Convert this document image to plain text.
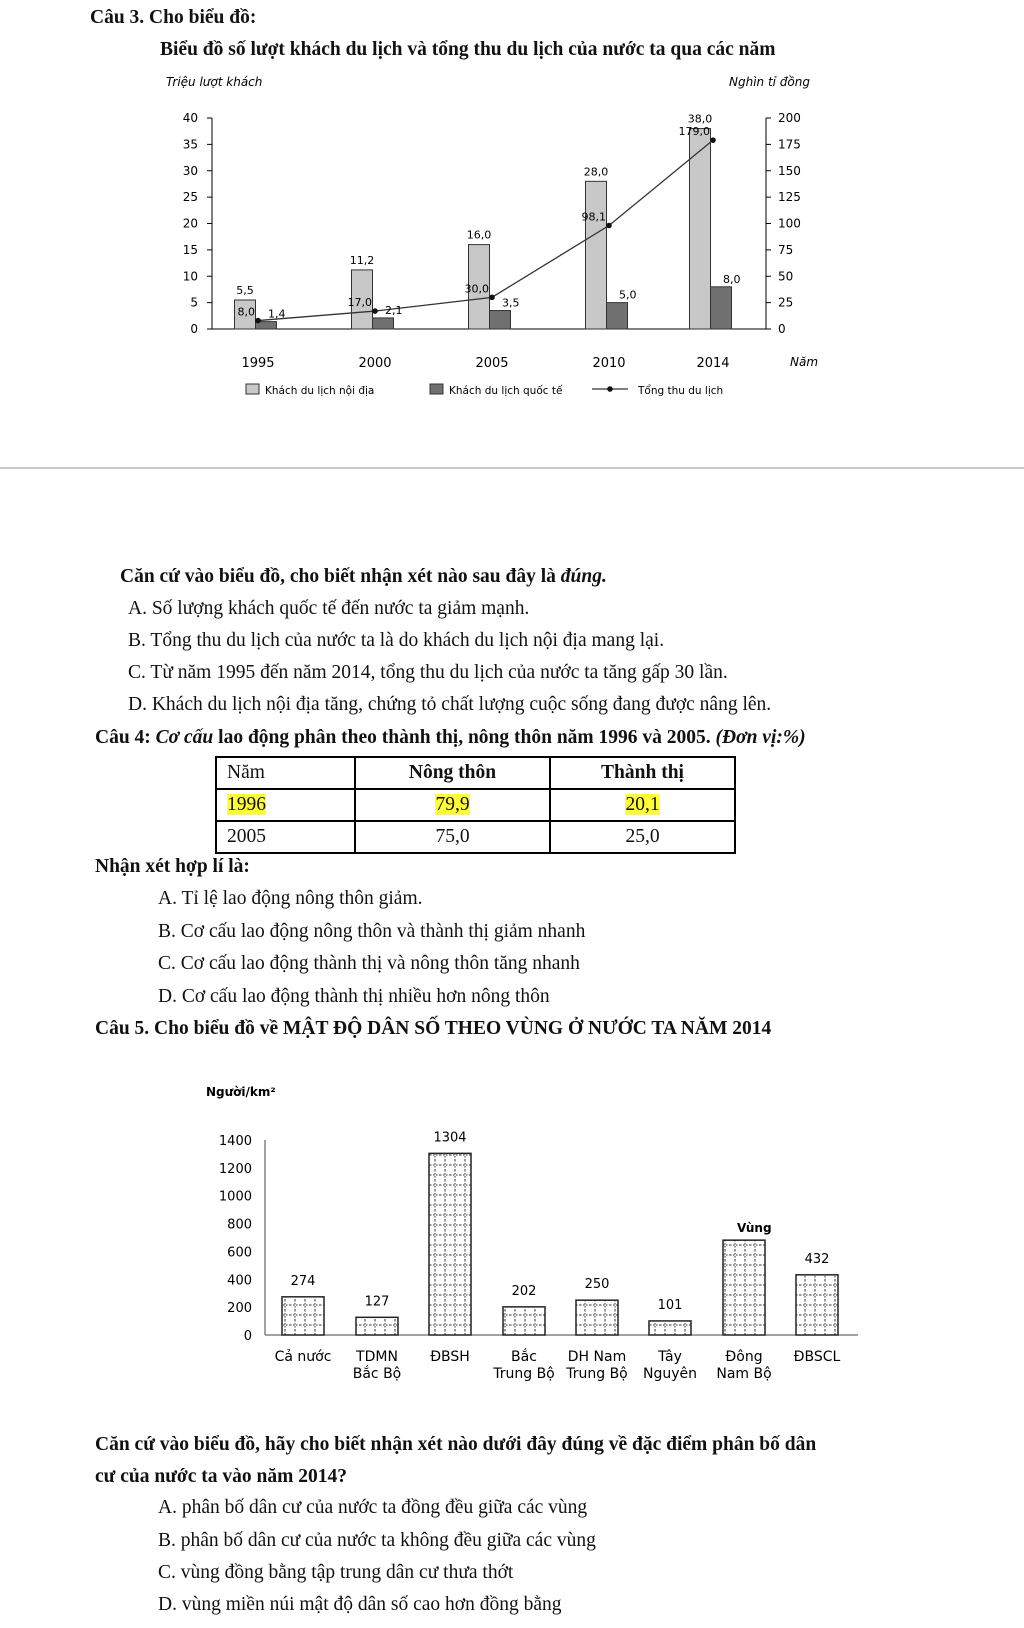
Câu 3. Cho biểu đồ:
Biểu đồ số lượt khách du lịch và tổng thu du lịch của nước ta qua các năm
0
5
10
15
20
25
30
35
40
0
25
50
75
100
125
150
175
200
Triệu lượt khách	Nghìn tỉ đồng
Năm
1995	2000	2005	2010	2014
5,5
11,2
16,0
28,0
38,0
1,4	2,1
3,5
5,0
8,0
8,0
17,0
30,0
98,1
179,0
Khách du lịch nội địa	Khách du lịch quốc tế	Tổng thu du lịch
Căn cứ vào biểu đồ, cho biết nhận xét nào sau đây là đúng.
A. Số lượng khách quốc tế đến nước ta giảm mạnh.
B. Tổng thu du lịch của nước ta là do khách du lịch nội địa mang lại.
C. Từ năm 1995 đến năm 2014, tổng thu du lịch của nước ta tăng gấp 30 lần.
D. Khách du lịch nội địa tăng, chứng tỏ chất lượng cuộc sống đang được nâng lên.
Câu 4: Cơ cấu lao động phân theo thành thị, nông thôn năm 1996 và 2005. (Đơn vị:%)
Năm	Nông thôn	Thành thị
1996	79,9	20,1
2005	75,0	25,0
Nhận xét hợp lí là:
A. Tỉ lệ lao động nông thôn giảm.
B. Cơ cấu lao động nông thôn và thành thị giảm nhanh
C. Cơ cấu lao động thành thị và nông thôn tăng nhanh
D. Cơ cấu lao động thành thị nhiều hơn nông thôn
Câu 5. Cho biểu đồ về MẬT ĐỘ DÂN SỐ THEO VÙNG Ở NƯỚC TA NĂM 2014
Người/km²
Vùng
0
200
400
600
800
1000
1200
1400
Cả nước TDMN
Bắc Bộ
ĐBSH	Bắc
Trung Bộ
DH Nam
Trung Bộ
Tây
Nguyên
Đông
Nam Bộ
ĐBSCL
274
127
1304
202	250
101
432
Căn cứ vào biểu đồ, hãy cho biết nhận xét nào dưới đây đúng về đặc điểm phân bố dân
cư của nước ta vào năm 2014?
A. phân bố dân cư của nước ta đồng đều giữa các vùng
B. phân bố dân cư của nước ta không đều giữa các vùng
C. vùng đồng bằng tập trung dân cư thưa thớt
D. vùng miền núi mật độ dân số cao hơn đồng bằng
